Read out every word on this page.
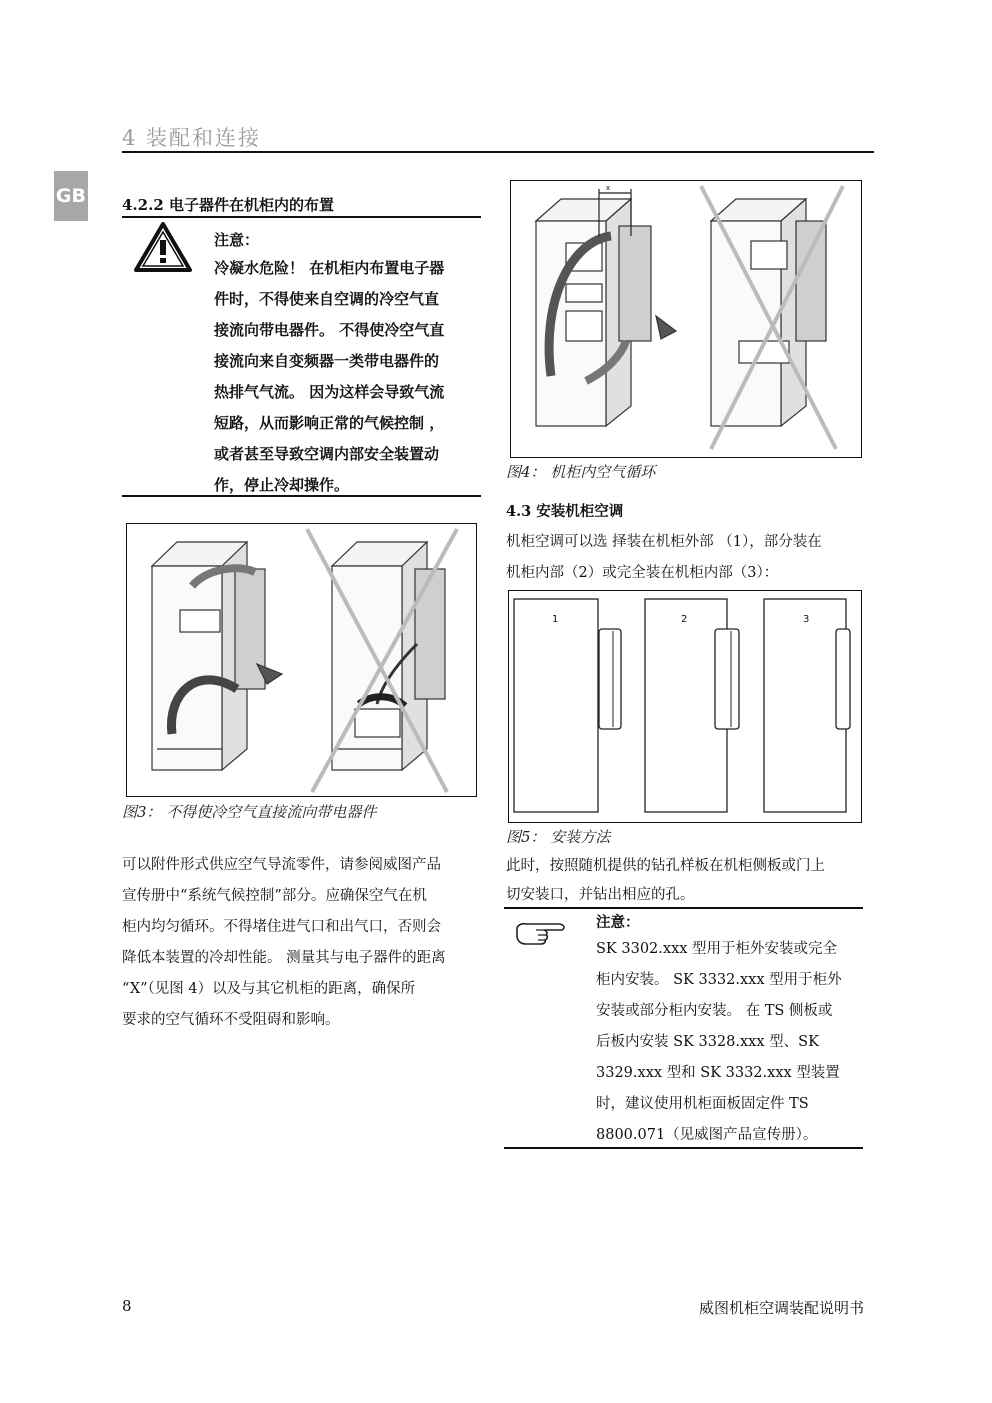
4 装配和连接
GB 4.2.2 电子器件在机柜内的布置
注意：
冷凝水危险！ 在机柜内布置电子器
件时，不得使来自空调的冷空气直
接流向带电器件。 不得使冷空气直
接流向来自变频器一类带电器件的
热排气气流。 因为这样会导致气流
短路，从而影响正常的气候控制 ，
或者甚至导致空调内部安全装置动
作，停止冷却操作。
图3： 不得使冷空气直接流向带电器件
x
图4： 机柜内空气循环
4.3 安装机柜空调
机柜空调可以选 择装在机柜外部 （1），部分装在
机柜内部（2）或完全装在机柜内部（3）：
1	2	3
图5： 安装方法
可以附件形式供应空气导流零件，请参阅威图产品
宣传册中“系统气候控制”部分。应确保空气在机
柜内均匀循环。不得堵住进气口和出气口，否则会
降低本装置的冷却性能。 测量其与电子器件的距离
“X”（见图 4）以及与其它机柜的距离，确保所
要求的空气循环不受阻碍和影响。
此时，按照随机提供的钻孔样板在机柜侧板或门上
切安装口，并钻出相应的孔。
注意：
SK 3302.xxx 型用于柜外安装或完全
柜内安装。 SK 3332.xxx 型用于柜外
安装或部分柜内安装。 在 TS 侧板或
后板内安装 SK 3328.xxx 型、SK
3329.xxx 型和 SK 3332.xxx 型装置
时，建议使用机柜面板固定件 TS
8800.071（见威图产品宣传册）。
8	威图机柜空调装配说明书
